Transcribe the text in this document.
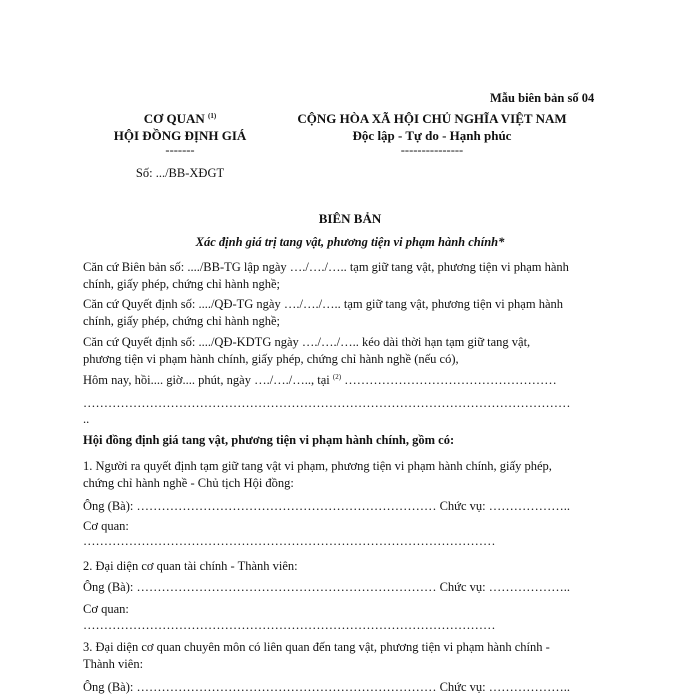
Mẫu biên bản số 04
CƠ QUAN $^{(1)}$
HỘI ĐỒNG ĐỊNH GIÁ
-------
Số: .../BB-XĐGT
CỘNG HÒA XÃ HỘI CHỦ NGHĨA VIỆT NAM
Độc lập - Tự do - Hạnh phúc
---------------
BIÊN BẢN
Xác định giá trị tang vật, phương tiện vi phạm hành chính*
Căn cứ Biên bản số: ..../BB-TG lập ngày …./…./….. tạm giữ tang vật, phương tiện vi phạm hành
chính, giấy phép, chứng chỉ hành nghề;
Căn cứ Quyết định số: ..../QĐ-TG ngày …./…./….. tạm giữ tang vật, phương tiện vi phạm hành
chính, giấy phép, chứng chỉ hành nghề;
Căn cứ Quyết định số: ..../QĐ-KDTG ngày …./…./….. kéo dài thời hạn tạm giữ tang vật,
phương tiện vi phạm hành chính, giấy phép, chứng chỉ hành nghề (nếu có),
Hôm nay, hồi.... giờ.... phút, ngày …./…./….., tại $^{(2)}$ ……………………………………………
………………………………………………………………………………………………………
..
Hội đồng định giá tang vật, phương tiện vi phạm hành chính, gồm có:
1. Người ra quyết định tạm giữ tang vật vi phạm, phương tiện vi phạm hành chính, giấy phép,
chứng chỉ hành nghề - Chủ tịch Hội đồng:
Ông (Bà): ……………………………………………………………… Chức vụ: ………………..
Cơ quan:
………………………………………………………………………………………
2. Đại diện cơ quan tài chính - Thành viên:
Ông (Bà): ……………………………………………………………… Chức vụ: ………………..
Cơ quan:
………………………………………………………………………………………
3. Đại diện cơ quan chuyên môn có liên quan đến tang vật, phương tiện vi phạm hành chính -
Thành viên:
Ông (Bà): ……………………………………………………………… Chức vụ: ………………..
